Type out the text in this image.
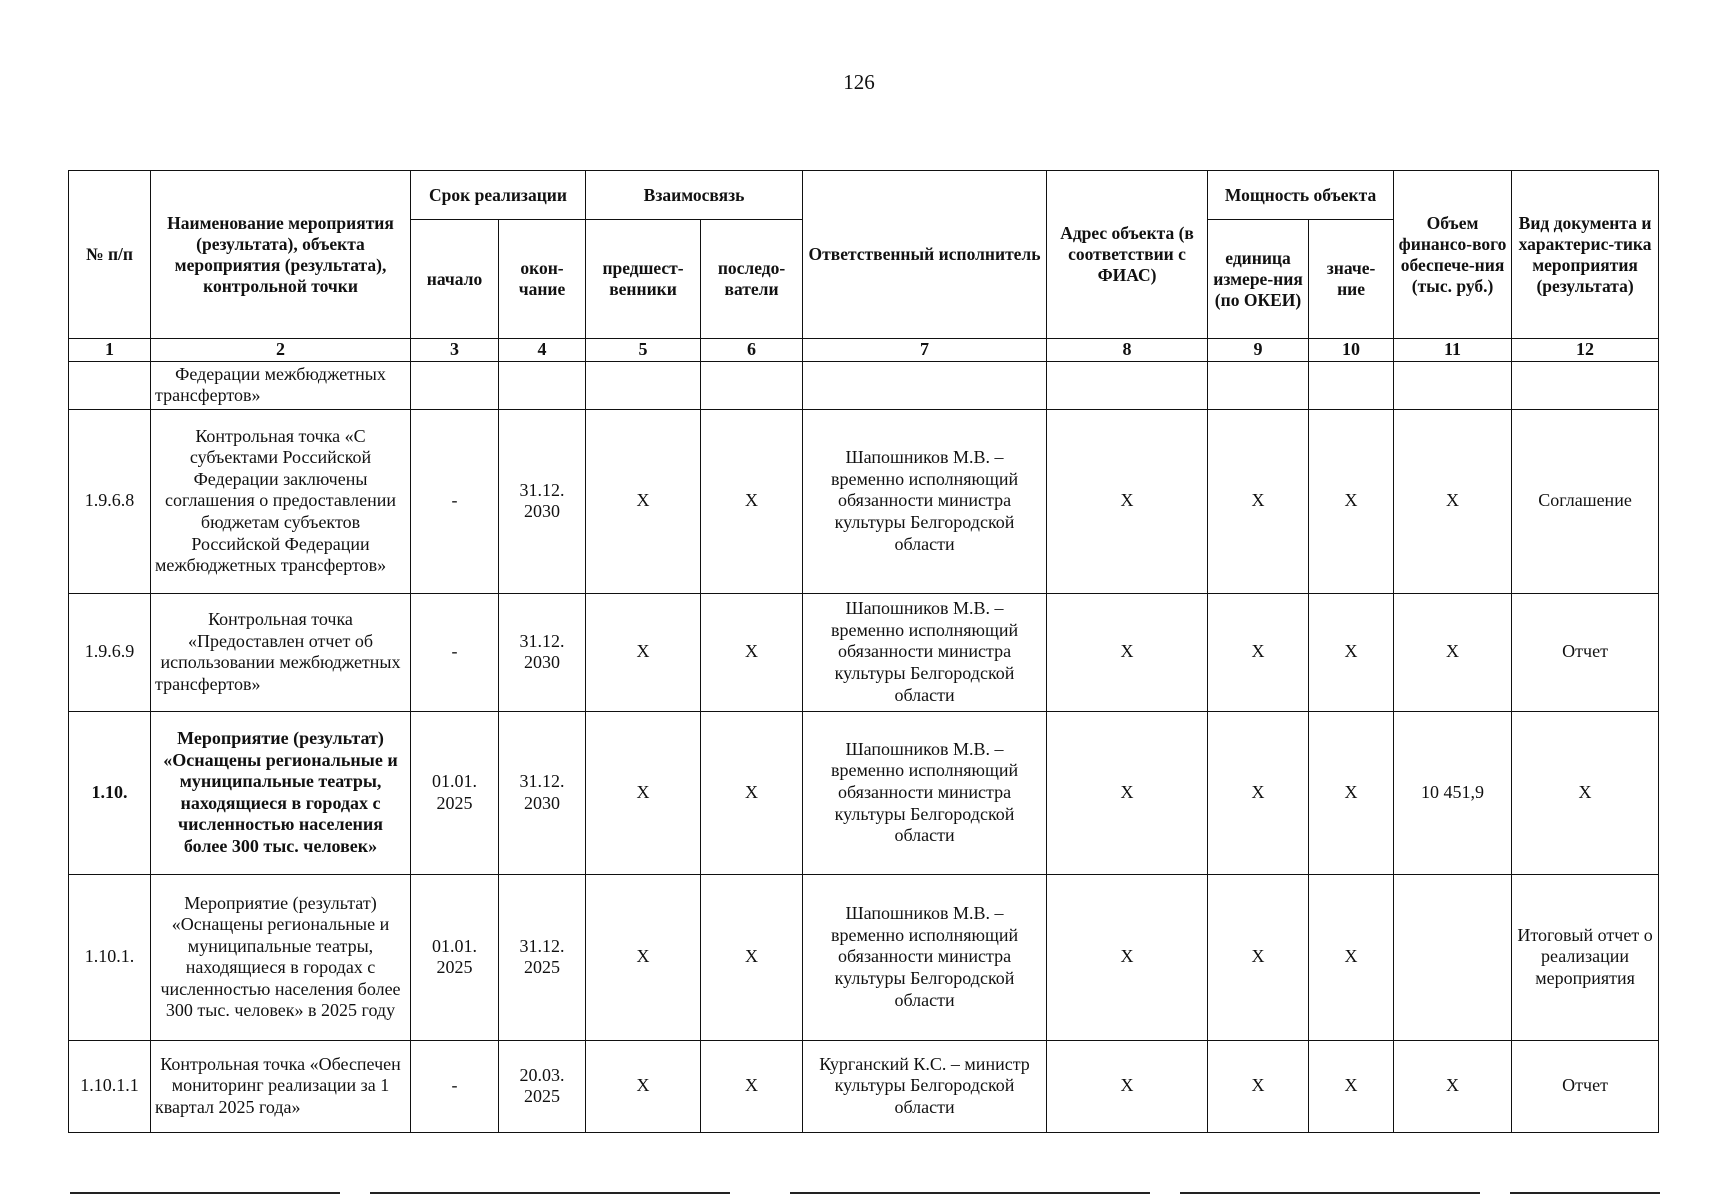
126
№ п/п	Наименование мероприятия (результата), объекта мероприятия (результата), контрольной точки	Срок реализации		Взаимосвязь		Ответственный исполнитель	Адрес объекта (в соответствии с ФИАС)	Мощность объекта		Объем финансо-вого обеспече-ния (тыс. руб.)	Вид документа и характерис-тика мероприятия (результата)
		начало	окон-чание	предшест-венники	последо-ватели			единица измере-ния (по ОКЕИ)	значе-ние		
1	2	3	4	5	6	7	8	9	10	11	12
	Федерации межбюджетных трансфертов»										
1.9.6.8	Контрольная точка «С субъектами Российской Федерации заключены соглашения о предоставлении бюджетам субъектов Российской Федерации межбюджетных трансфертов»	-	31.12. 2030	X	X	Шапошников М.В. – временно исполняющий обязанности министра культуры Белгородской области	X	X	X	X	Соглашение
1.9.6.9	Контрольная точка «Предоставлен отчет об использовании межбюджетных трансфертов»	-	31.12. 2030	X	X	Шапошников М.В. – временно исполняющий обязанности министра культуры Белгородской области	X	X	X	X	Отчет
1.10.	Мероприятие (результат) «Оснащены региональные и муниципальные театры, находящиеся в городах с численностью населения более 300 тыс. человек»	01.01. 2025	31.12. 2030	X	X	Шапошников М.В. – временно исполняющий обязанности министра культуры Белгородской области	X	X	X	10 451,9	X
1.10.1.	Мероприятие (результат) «Оснащены региональные и муниципальные театры, находящиеся в городах с численностью населения более 300 тыс. человек» в 2025 году	01.01. 2025	31.12. 2025	X	X	Шапошников М.В. – временно исполняющий обязанности министра культуры Белгородской области	X	X	X		Итоговый отчет о реализации мероприятия
1.10.1.1	Контрольная точка «Обеспечен мониторинг реализации за 1 квартал 2025 года»	-	20.03. 2025	X	X	Курганский К.С. – министр культуры Белгородской области	X	X	X	X	Отчет
